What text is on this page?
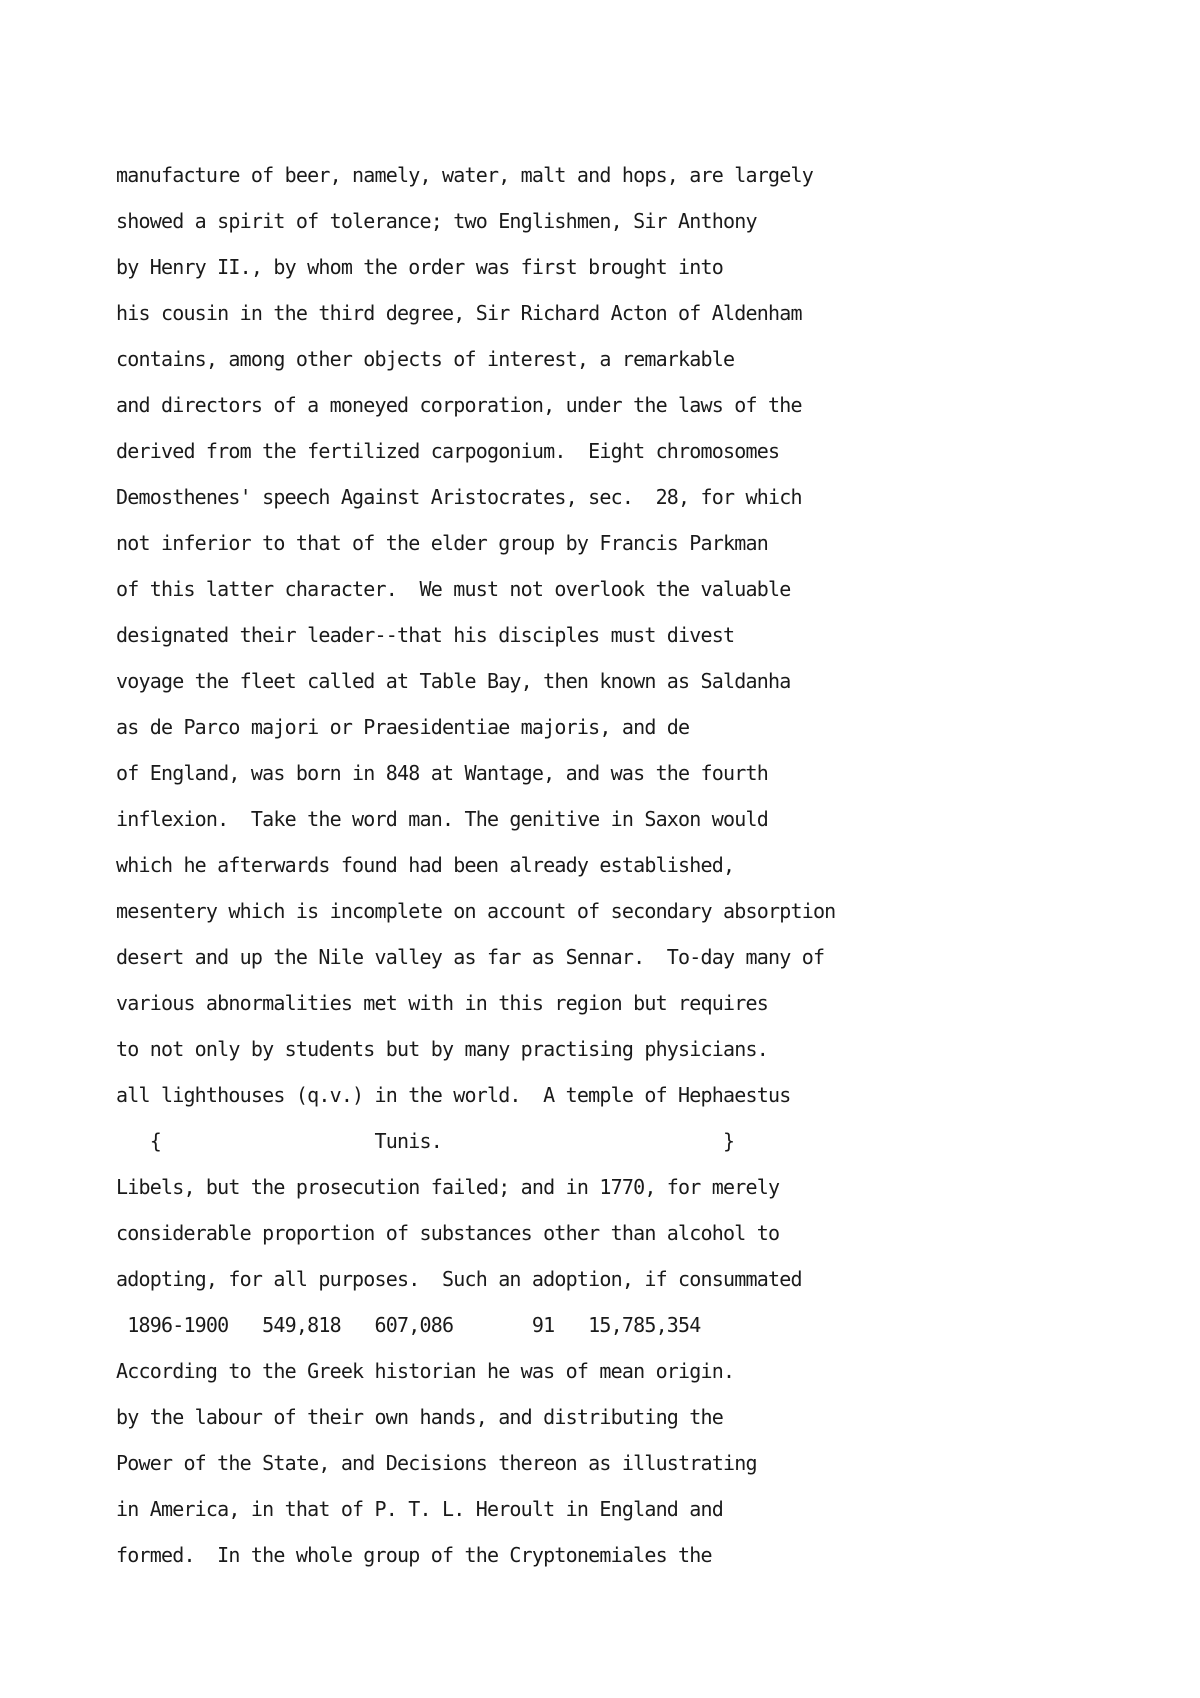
manufacture of beer, namely, water, malt and hops, are largely
showed a spirit of tolerance; two Englishmen, Sir Anthony
by Henry II., by whom the order was first brought into
his cousin in the third degree, Sir Richard Acton of Aldenham
contains, among other objects of interest, a remarkable
and directors of a moneyed corporation, under the laws of the
derived from the fertilized carpogonium.  Eight chromosomes
Demosthenes' speech Against Aristocrates, sec.  28, for which
not inferior to that of the elder group by Francis Parkman
of this latter character.  We must not overlook the valuable
designated their leader--that his disciples must divest
voyage the fleet called at Table Bay, then known as Saldanha
as de Parco majori or Praesidentiae majoris, and de
of England, was born in 848 at Wantage, and was the fourth
inflexion.  Take the word man. The genitive in Saxon would
which he afterwards found had been already established,
mesentery which is incomplete on account of secondary absorption
desert and up the Nile valley as far as Sennar.  To-day many of
various abnormalities met with in this region but requires
to not only by students but by many practising physicians.
all lighthouses (q.v.) in the world.  A temple of Hephaestus
{                   Tunis.                         }
Libels, but the prosecution failed; and in 1770, for merely
considerable proportion of substances other than alcohol to
adopting, for all purposes.  Such an adoption, if consummated
1896-1900   549,818   607,086       91   15,785,354
According to the Greek historian he was of mean origin.
by the labour of their own hands, and distributing the
Power of the State, and Decisions thereon as illustrating
in America, in that of P. T. L. Heroult in England and
formed.  In the whole group of the Cryptonemiales the
